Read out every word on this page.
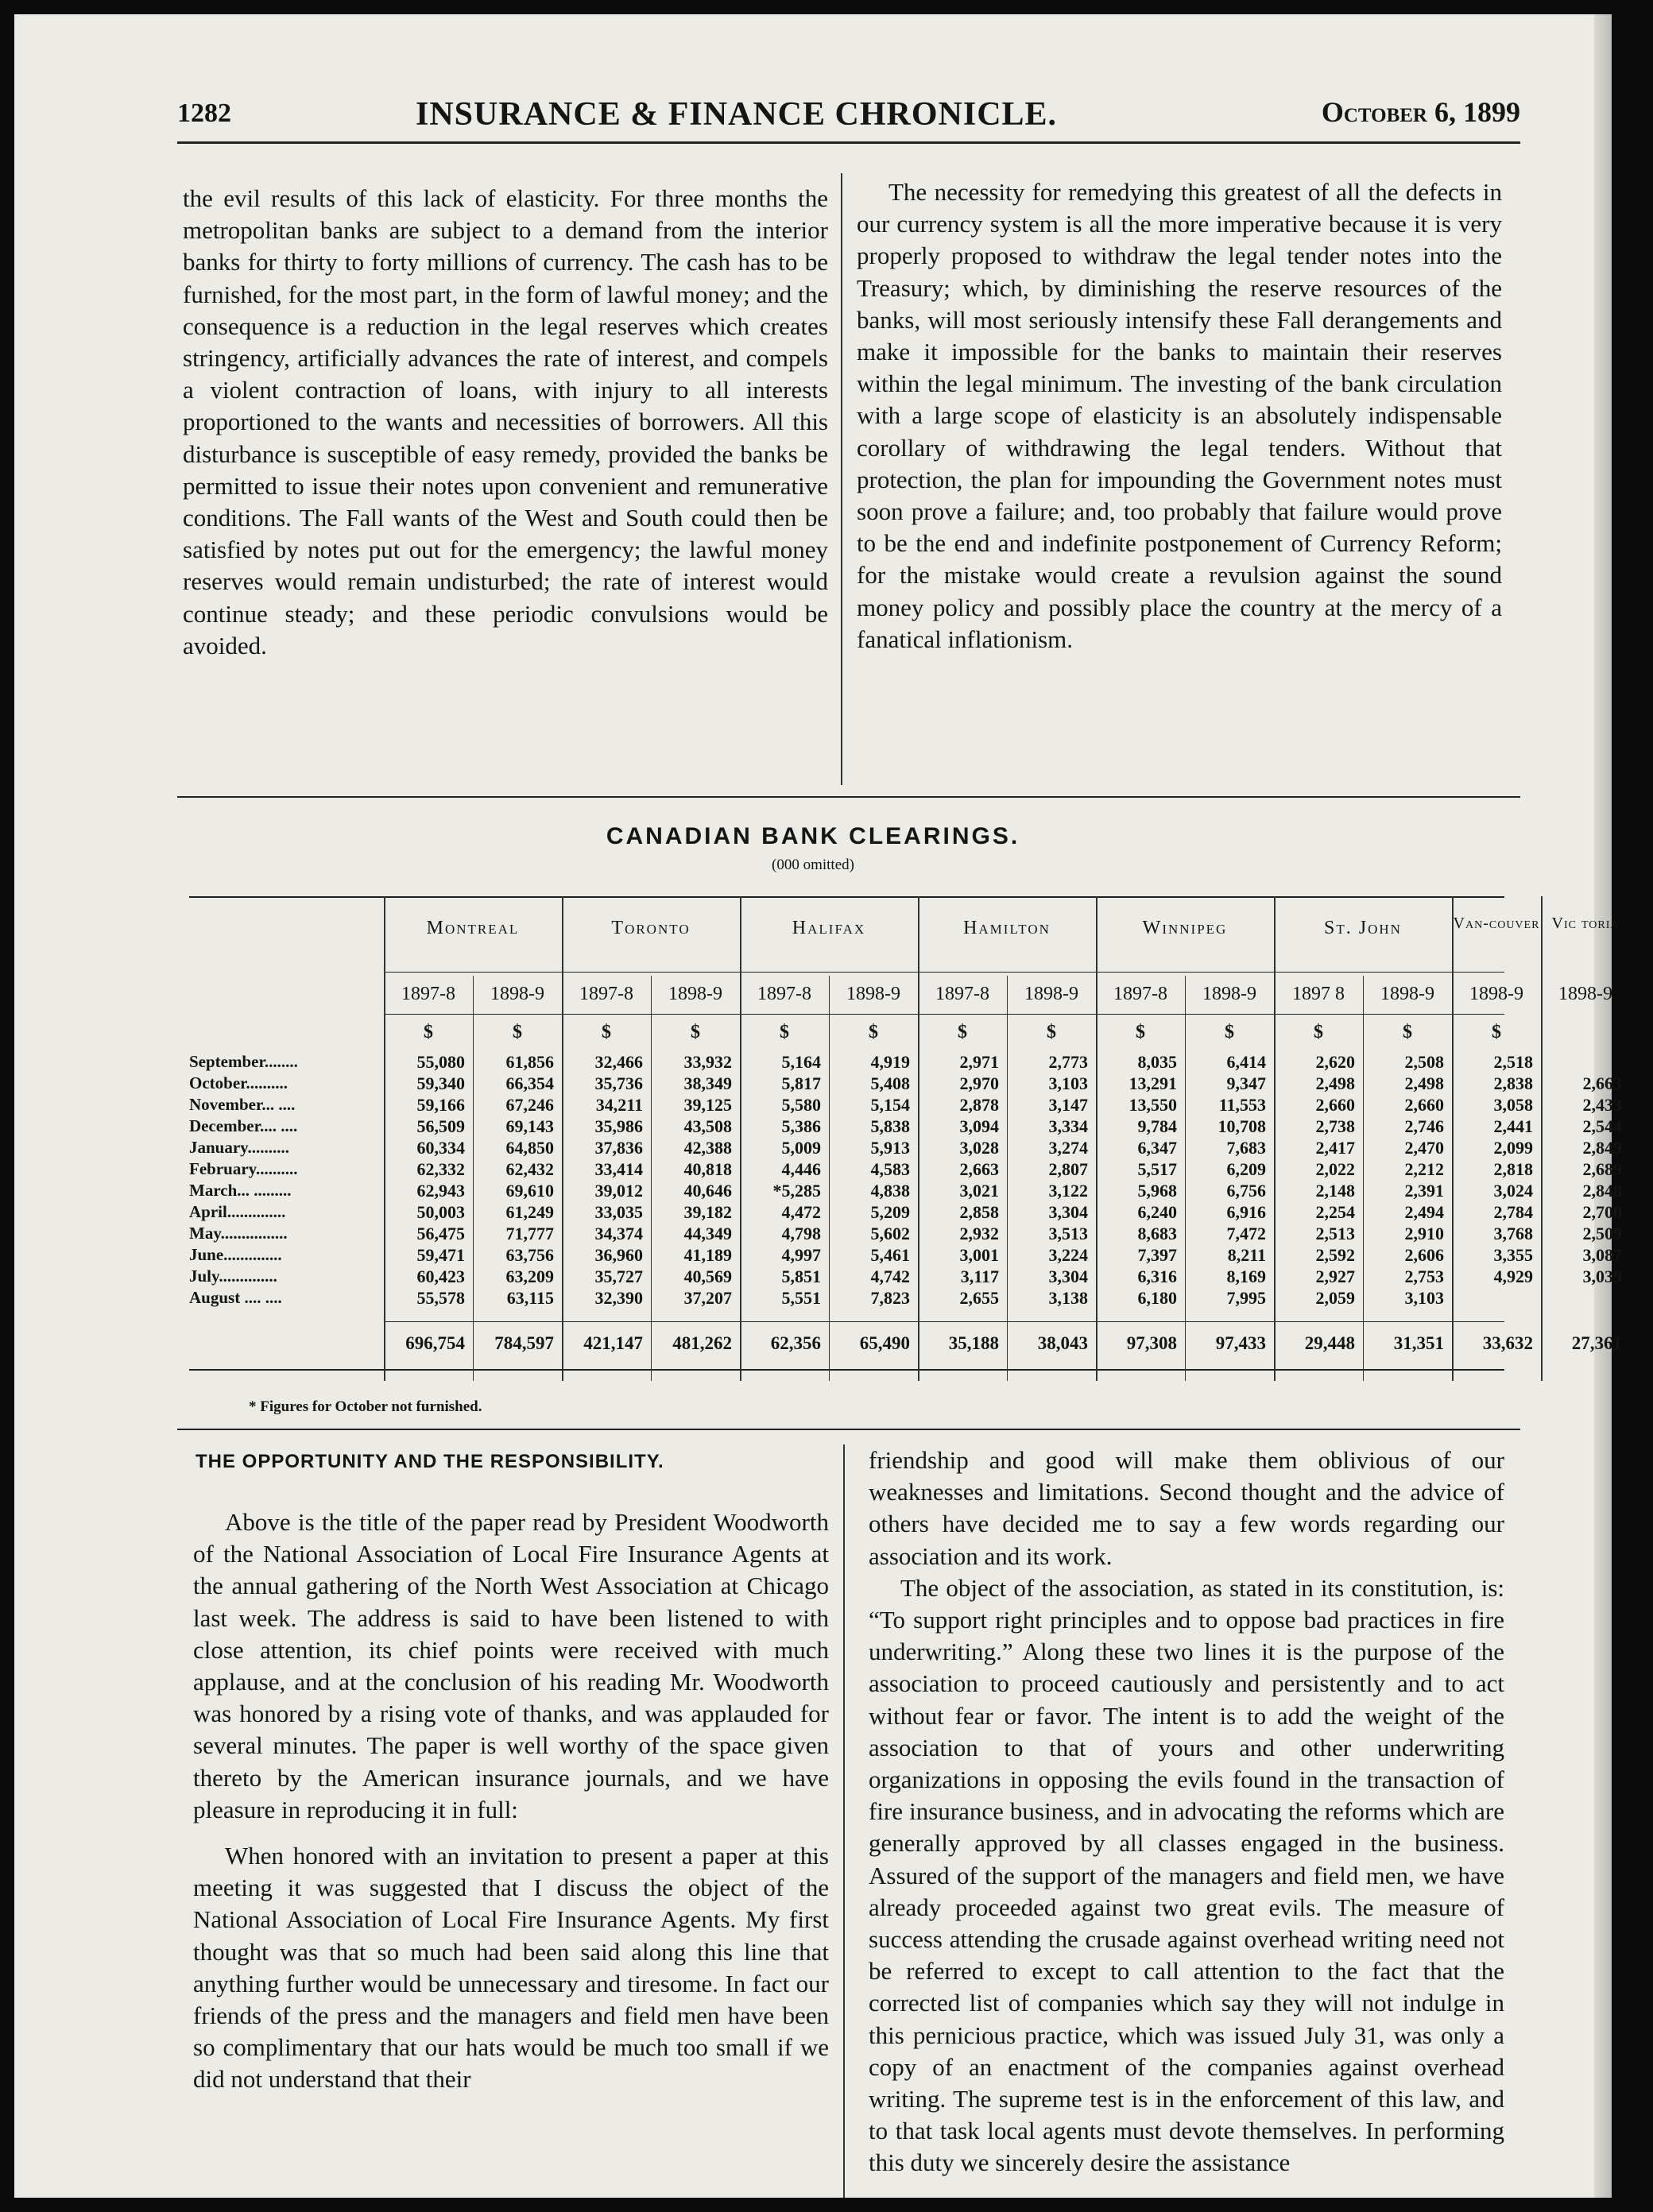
1282	INSURANCE & FINANCE CHRONICLE.	October 6, 1899

the evil results of this lack of elasticity. For three months the metropolitan banks are subject to a demand from the interior banks for thirty to forty millions of currency. The cash has to be furnished, for the most part, in the form of lawful money; and the consequence is a reduction in the legal reserves which creates stringency, artificially advances the rate of interest, and compels a violent contraction of loans, with injury to all interests proportioned to the wants and necessities of borrowers. All this disturbance is susceptible of easy remedy, provided the banks be permitted to issue their notes upon convenient and remunerative conditions. The Fall wants of the West and South could then be satisfied by notes put out for the emergency; the lawful money reserves would remain undisturbed; the rate of interest would continue steady; and these periodic convulsions would be avoided.

The necessity for remedying this greatest of all the defects in our currency system is all the more imperative because it is very properly proposed to withdraw the legal tender notes into the Treasury; which, by diminishing the reserve resources of the banks, will most seriously intensify these Fall derangements and make it impossible for the banks to maintain their reserves within the legal minimum. The investing of the bank circulation with a large scope of elasticity is an absolutely indispensable corollary of withdrawing the legal tenders. Without that protection, the plan for impounding the Government notes must soon prove a failure; and, too probably that failure would prove to be the end and indefinite postponement of Currency Reform; for the mistake would create a revulsion against the sound money policy and possibly place the country at the mercy of a fanatical inflationism.

CANADIAN BANK CLEARINGS.
(000 omitted)
September........
October..........
November... ....
December.... ....
January..........
February..........
March... .........
April..............
May................
June..............
July..............
August .... ....
Montreal
1897-8
$
55,080
59,340
59,166
56,509
60,334
62,332
62,943
50,003
56,475
59,471
60,423
55,578
696,754
1898-9
$
61,856
66,354
67,246
69,143
64,850
62,432
69,610
61,249
71,777
63,756
63,209
63,115
784,597
Toronto
1897-8
$
32,466
35,736
34,211
35,986
37,836
33,414
39,012
33,035
34,374
36,960
35,727
32,390
421,147
1898-9
$
33,932
38,349
39,125
43,508
42,388
40,818
40,646
39,182
44,349
41,189
40,569
37,207
481,262
Halifax
1897-8
$
5,164
5,817
5,580
5,386
5,009
4,446
*5,285
4,472
4,798
4,997
5,851
5,551
62,356
1898-9
$
4,919
5,408
5,154
5,838
5,913
4,583
4,838
5,209
5,602
5,461
4,742
7,823
65,490
Hamilton
1897-8
$
2,971
2,970
2,878
3,094
3,028
2,663
3,021
2,858
2,932
3,001
3,117
2,655
35,188
1898-9
$
2,773
3,103
3,147
3,334
3,274
2,807
3,122
3,304
3,513
3,224
3,304
3,138
38,043
Winnipeg
1897-8
$
8,035
13,291
13,550
9,784
6,347
5,517
5,968
6,240
8,683
7,397
6,316
6,180
97,308
1898-9
$
6,414
9,347
11,553
10,708
7,683
6,209
6,756
6,916
7,472
8,211
8,169
7,995
97,433
St. John
1897 8
$
2,620
2,498
2,660
2,738
2,417
2,022
2,148
2,254
2,513
2,592
2,927
2,059
29,448
1898-9
$
2,508
2,498
2,660
2,746
2,470
2,212
2,391
2,494
2,910
2,606
2,753
3,103
31,351
Van-couver
1898-9
$
2,518
2,838
3,058
2,441
2,099
2,818
3,024
2,784
3,768
3,355
4,929
33,632
Vic toria
1898-9
2,663
2,433
2,544
2,849
2,689
2,848
2,700
2,509
3,087
3,039
27,361
* Figures for October not furnished.
THE OPPORTUNITY AND THE RESPONSIBILITY.

Above is the title of the paper read by President Woodworth of the National Association of Local Fire Insurance Agents at the annual gathering of the North West Association at Chicago last week. The address is said to have been listened to with close attention, its chief points were received with much applause, and at the conclusion of his reading Mr. Woodworth was honored by a rising vote of thanks, and was applauded for several minutes. The paper is well worthy of the space given thereto by the American insurance journals, and we have pleasure in reproducing it in full:

When honored with an invitation to present a paper at this meeting it was suggested that I discuss the object of the National Association of Local Fire Insurance Agents. My first thought was that so much had been said along this line that anything further would be unnecessary and tiresome. In fact our friends of the press and the managers and field men have been so complimentary that our hats would be much too small if we did not understand that their

friendship and good will make them oblivious of our weaknesses and limitations. Second thought and the advice of others have decided me to say a few words regarding our association and its work.

The object of the association, as stated in its constitution, is: “To support right principles and to oppose bad practices in fire underwriting.” Along these two lines it is the purpose of the association to proceed cautiously and persistently and to act without fear or favor. The intent is to add the weight of the association to that of yours and other underwriting organizations in opposing the evils found in the transaction of fire insurance business, and in advocating the reforms which are generally approved by all classes engaged in the business. Assured of the support of the managers and field men, we have already proceeded against two great evils. The measure of success attending the crusade against overhead writing need not be referred to except to call attention to the fact that the corrected list of companies which say they will not indulge in this pernicious practice, which was issued July 31, was only a copy of an enactment of the companies against overhead writing. The supreme test is in the enforcement of this law, and to that task local agents must devote themselves. In performing this duty we sincerely desire the assistance
